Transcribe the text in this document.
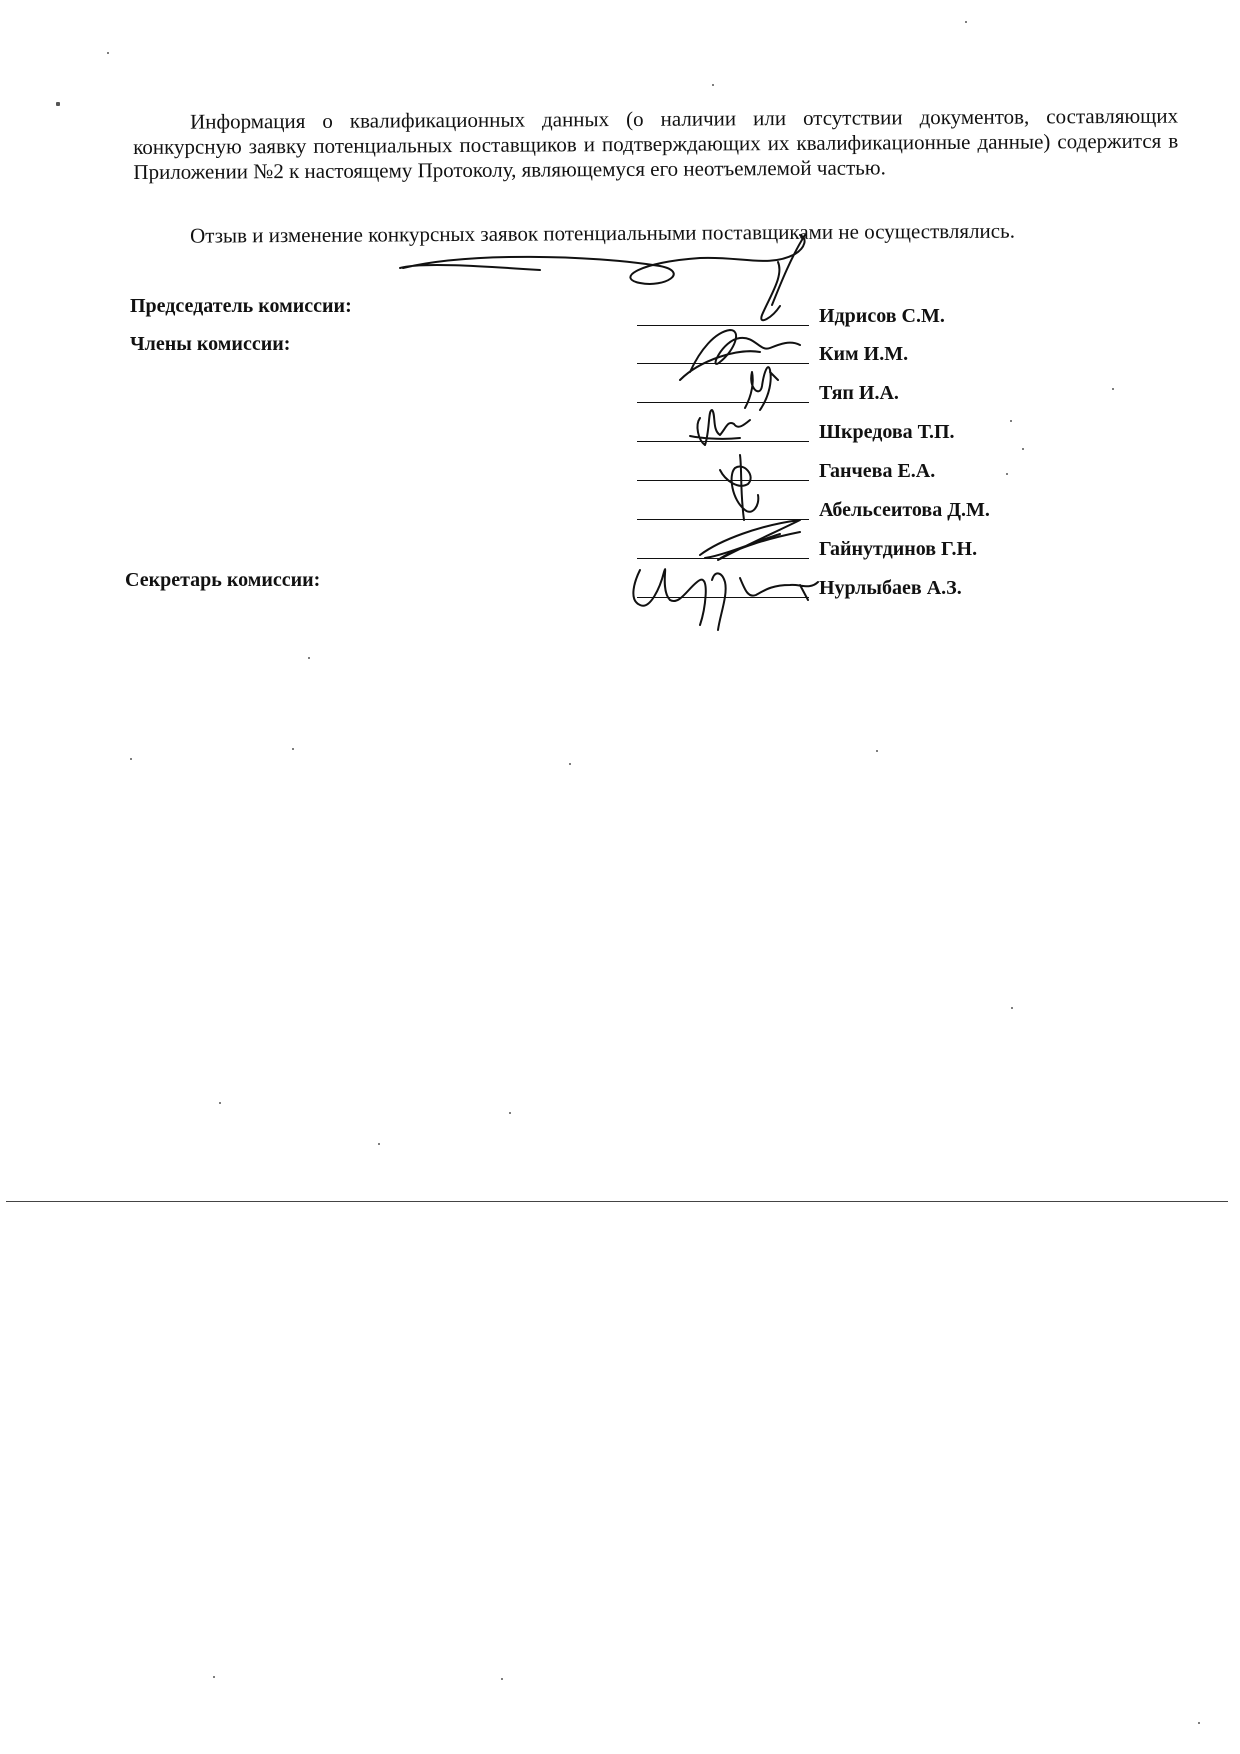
Информация о квалификационных данных (о наличии или отсутствии документов, составляющих конкурсную заявку потенциальных поставщиков и подтверждающих их квалификационные данные) содержится в Приложении №2 к настоящему Протоколу, являющемуся его неотъемлемой частью.

Отзыв и изменение конкурсных заявок потенциальными поставщиками не осуществлялись.

Председатель комиссии:
Члены комиссии:
Секретарь комиссии:
Идрисов С.М.
Ким И.М.
Тяп И.А.
Шкредова Т.П.
Ганчева Е.А.
Абельсеитова Д.М.
Гайнутдинов Г.Н.
Нурлыбаев А.З.
